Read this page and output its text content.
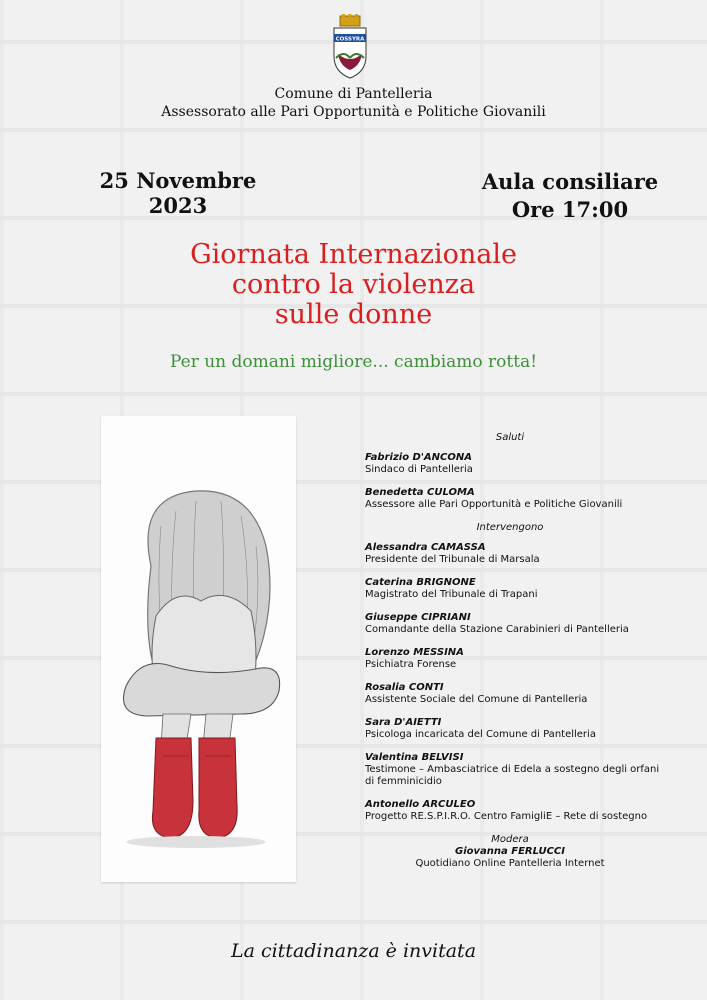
COSSYRA
Comune di Pantelleria
Assessorato alle Pari Opportunità e Politiche Giovanili
25 Novembre
2023
Aula consiliare
Ore 17:00
Giornata Internazionale
contro la violenza
sulle donne
Per un domani migliore... cambiamo rotta!
Saluti
Fabrizio D'ANCONA
Sindaco di Pantelleria
Benedetta CULOMA
Assessore alle Pari Opportunità e Politiche Giovanili
Intervengono
Alessandra CAMASSA
Presidente del Tribunale di Marsala
Caterina BRIGNONE
Magistrato del Tribunale di Trapani
Giuseppe CIPRIANI
Comandante della Stazione Carabinieri di Pantelleria
Lorenzo MESSINA
Psichiatra Forense
Rosalia CONTI
Assistente Sociale del Comune di Pantelleria
Sara D'AIETTI
Psicologa incaricata del Comune di Pantelleria
Valentina BELVISI
Testimone – Ambasciatrice di Edela a sostegno degli orfani di femminicidio
Antonello ARCULEO
Progetto RE.S.P.I.R.O. Centro FamigliE – Rete di sostegno
Modera
Giovanna FERLUCCI
Quotidiano Online Pantelleria Internet
La cittadinanza è invitata
